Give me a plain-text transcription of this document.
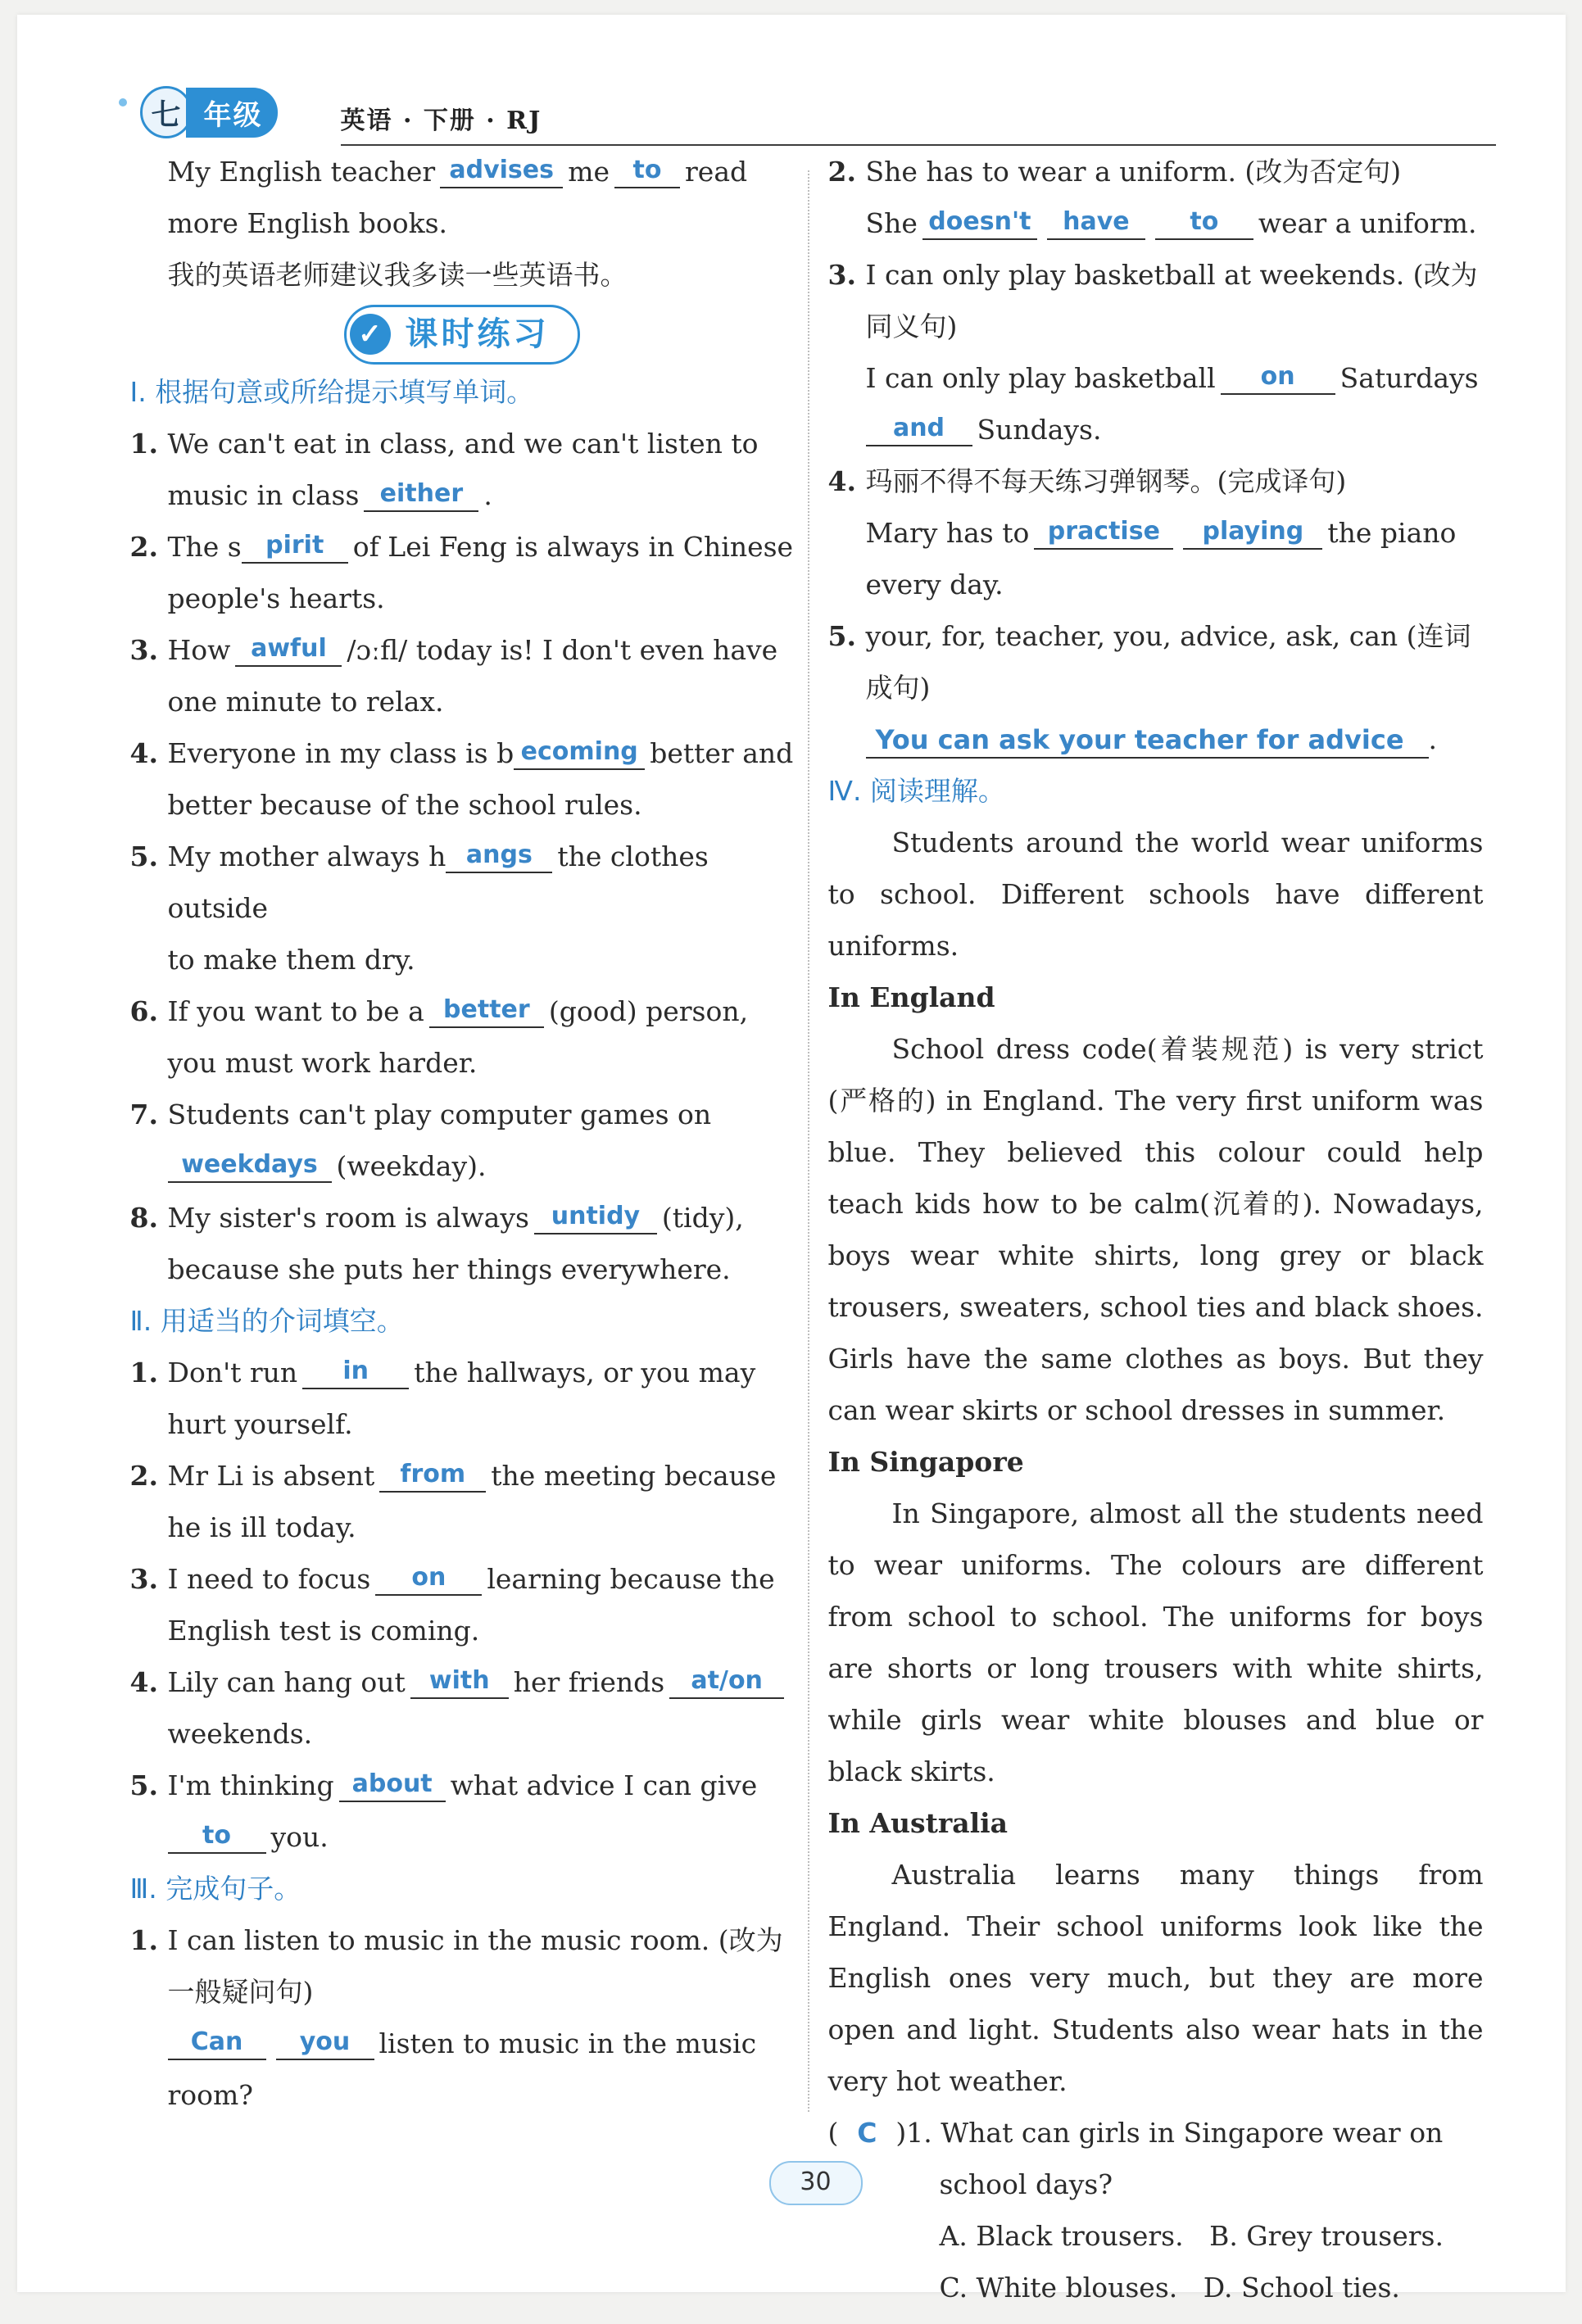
七 年级	英语 · 下册 · RJ

My English teacher advises me to read

more English books.

我的英语老师建议我多读一些英语书。

✓ 课时练习

Ⅰ. 根据句意或所给提示填写单词。

1. We can't eat in class, and we can't listen to

music in class either .

2. The s pirit of Lei Feng is always in Chinese

people's hearts.

3. How awful /ɔːfl/ today is! I don't even have

one minute to relax.

4. Everyone in my class is b ecoming better and

better because of the school rules.

5. My mother always h angs the clothes outside

to make them dry.

6. If you want to be a better (good) person,

you must work harder.

7. Students can't play computer games on

weekdays (weekday).

8. My sister's room is always untidy (tidy),

because she puts her things everywhere.

Ⅱ. 用适当的介词填空。

1. Don't run in the hallways, or you may

hurt yourself.

2. Mr Li is absent from the meeting because

he is ill today.

3. I need to focus on learning because the

English test is coming.

4. Lily can hang out with her friends at/on

weekends.

5. I'm thinking about what advice I can give

to you.

Ⅲ. 完成句子。

1. I can listen to music in the music room. (改为

一般疑问句)

Can you listen to music in the music

room?

2. She has to wear a uniform. (改为否定句)

She doesn't have to wear a uniform.

3. I can only play basketball at weekends. (改为

同义句)

I can only play basketball on Saturdays

and Sundays.

4. 玛丽不得不每天练习弹钢琴。(完成译句)

Mary has to practise playing the piano

every day.

5. your, for, teacher, you, advice, ask, can (连词成句)

You can ask your teacher for advice .

Ⅳ. 阅读理解。

Students around the world wear uniforms to school. Different schools have different uniforms.

In England

School dress code(着装规范) is very strict (严格的) in England. The very first uniform was blue. They believed this colour could help teach kids how to be calm(沉着的). Nowadays, boys wear white shirts, long grey or black trousers, sweaters, school ties and black shoes. Girls have the same clothes as boys. But they can wear skirts or school dresses in summer.

In Singapore

In Singapore, almost all the students need to wear uniforms. The colours are different from school to school. The uniforms for boys are shorts or long trousers with white shirts, while girls wear white blouses and blue or black skirts.

In Australia

Australia learns many things from England. Their school uniforms look like the English ones very much, but they are more open and light. Students also wear hats in the very hot weather.

( C )1. What can girls in Singapore wear on

school days?

A. Black trousers. B. Grey trousers.

C. White blouses. D. School ties.

30
